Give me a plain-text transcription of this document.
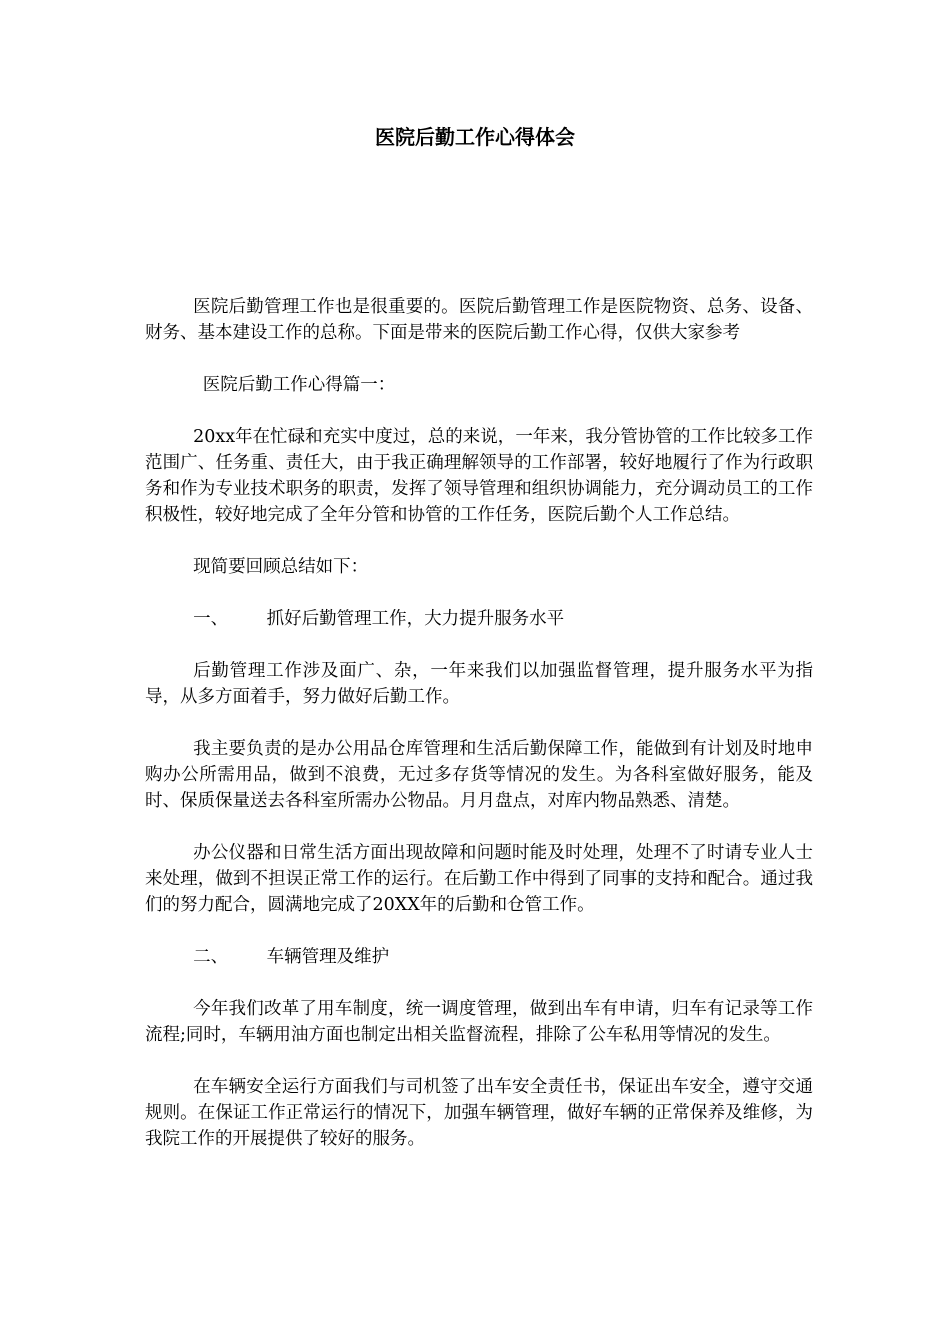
医院后勤工作心得体会

医院后勤管理工作也是很重要的。医院后勤管理工作是医院物资、总务、设备、财务、基本建设工作的总称。下面是带来的医院后勤工作心得，仅供大家参考

医院后勤工作心得篇一：

20xx年在忙碌和充实中度过，总的来说，一年来，我分管协管的工作比较多工作范围广、任务重、责任大，由于我正确理解领导的工作部署，较好地履行了作为行政职务和作为专业技术职务的职责，发挥了领导管理和组织协调能力，充分调动员工的工作积极性，较好地完成了全年分管和协管的工作任务，医院后勤个人工作总结。

现简要回顾总结如下：

一、 抓好后勤管理工作，大力提升服务水平

后勤管理工作涉及面广、杂，一年来我们以加强监督管理，提升服务水平为指导，从多方面着手，努力做好后勤工作。

我主要负责的是办公用品仓库管理和生活后勤保障工作，能做到有计划及时地申购办公所需用品，做到不浪费，无过多存货等情况的发生。为各科室做好服务，能及时、保质保量送去各科室所需办公物品。月月盘点，对库内物品熟悉、清楚。

办公仪器和日常生活方面出现故障和问题时能及时处理，处理不了时请专业人士来处理，做到不担误正常工作的运行。在后勤工作中得到了同事的支持和配合。通过我们的努力配合，圆满地完成了20XX年的后勤和仓管工作。

二、 车辆管理及维护

今年我们改革了用车制度，统一调度管理，做到出车有申请，归车有记录等工作流程;同时，车辆用油方面也制定出相关监督流程，排除了公车私用等情况的发生。

在车辆安全运行方面我们与司机签了出车安全责任书，保证出车安全，遵守交通规则。在保证工作正常运行的情况下，加强车辆管理，做好车辆的正常保养及维修，为我院工作的开展提供了较好的服务。
